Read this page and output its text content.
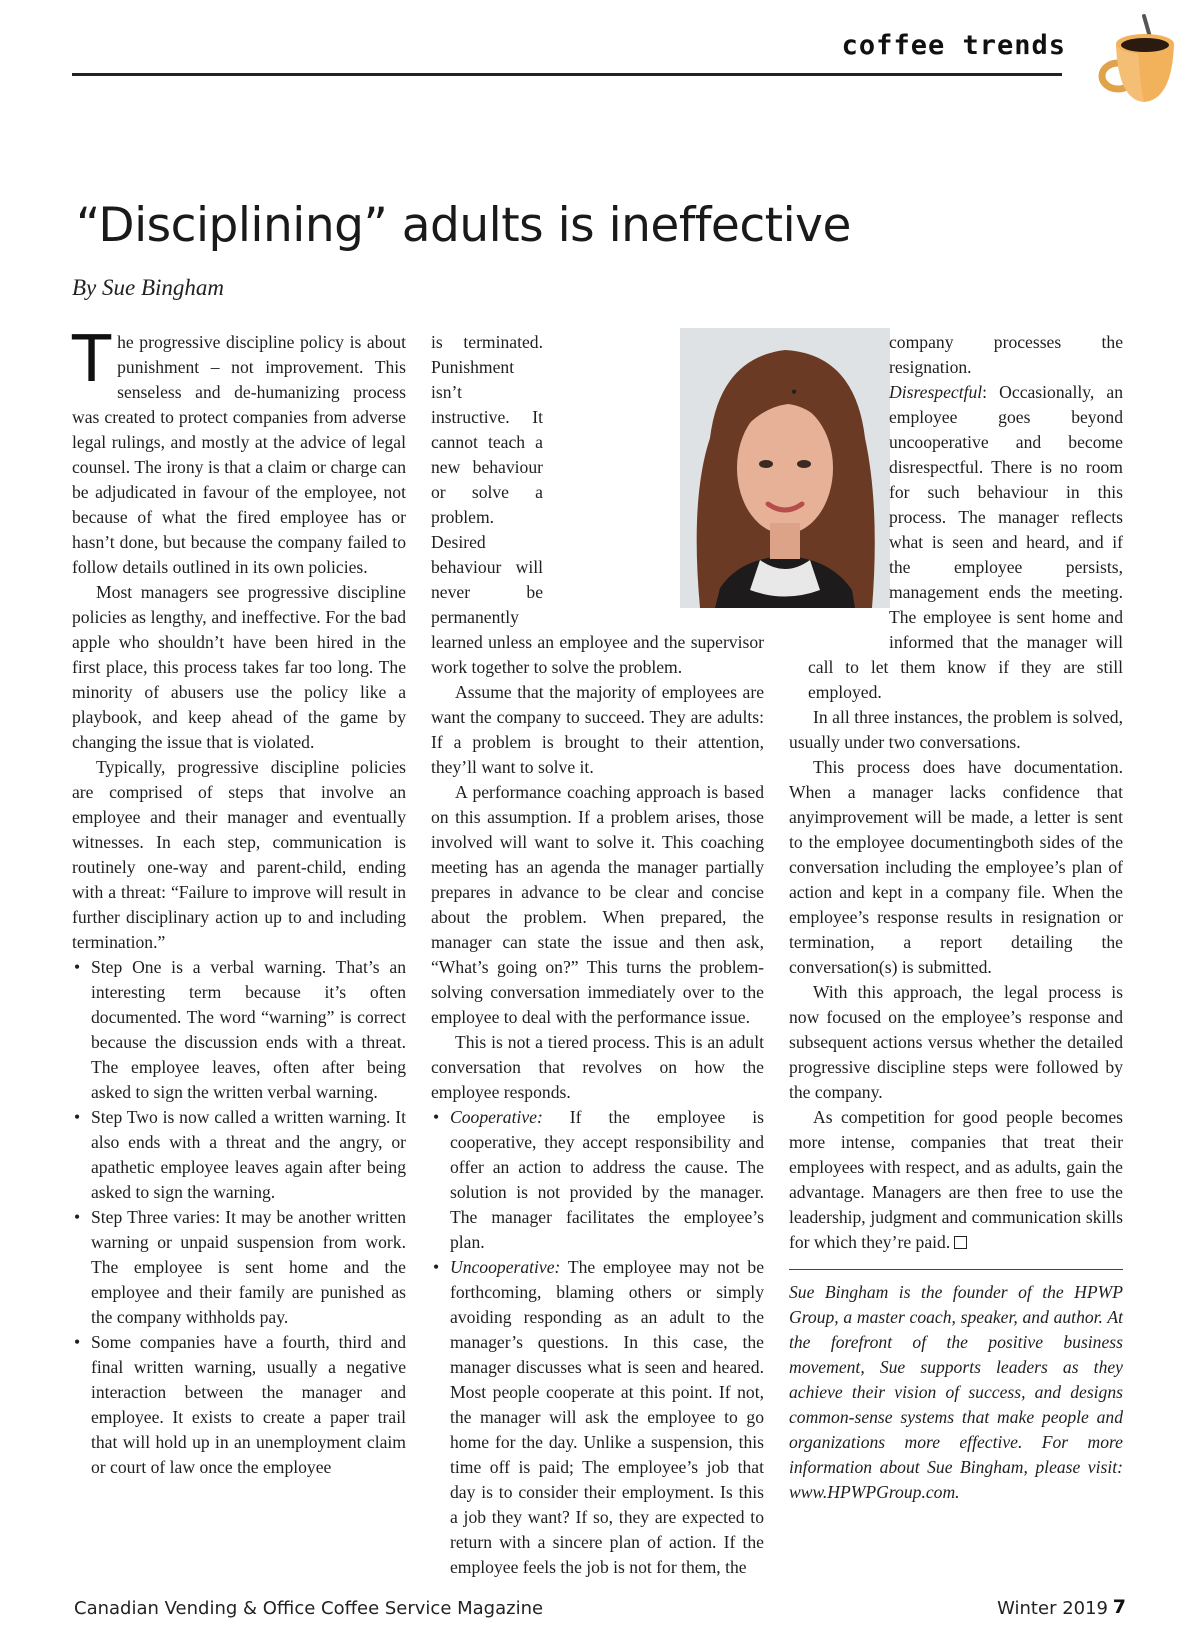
coffee trends
“Disciplining” adults is ineffective
By Sue Bingham

The progressive discipline policy is about punishment – not improvement. This senseless and de-humanizing process was created to protect companies from adverse legal rulings, and mostly at the advice of legal counsel. The irony is that a claim or charge can be adjudicated in favour of the employee, not because of what the fired employee has or hasn’t done, but because the company failed to follow details outlined in its own policies.

Most managers see progressive discipline policies as lengthy, and ineffective. For the bad apple who shouldn’t have been hired in the first place, this process takes far too long. The minority of abusers use the policy like a playbook, and keep ahead of the game by changing the issue that is violated.

Typically, progressive discipline policies are comprised of steps that involve an employee and their manager and eventually witnesses. In each step, communication is routinely one-way and parent-child, ending with a threat: “Failure to improve will result in further disciplinary action up to and including termination.”

• Step One is a verbal warning. That’s an interesting term because it’s often documented. The word “warning” is correct because the discussion ends with a threat. The employee leaves, often after being asked to sign the written verbal warning.
• Step Two is now called a written warning. It also ends with a threat and the angry, or apathetic employee leaves again after being asked to sign the warning.
• Step Three varies: It may be another written warning or unpaid suspension from work. The employee is sent home and the employee and their family are punished as the company withholds pay.
• Some companies have a fourth, third and final written warning, usually a negative interaction between the manager and employee. It exists to create a paper trail that will hold up in an unemployment claim or court of law once the employee

is terminated. Punishment isn’t instructive. It cannot teach a new behaviour or solve a problem. Desired behaviour will never be permanently learned unless an employee and the supervisor work together to solve the problem.

Assume that the majority of employees are want the company to succeed. They are adults: If a problem is brought to their attention, they’ll want to solve it.

A performance coaching approach is based on this assumption. If a problem arises, those involved will want to solve it. This coaching meeting has an agenda the manager partially prepares in advance to be clear and concise about the problem. When prepared, the manager can state the issue and then ask, “What’s going on?” This turns the problem-solving conversation immediately over to the employee to deal with the performance issue.

This is not a tiered process. This is an adult conversation that revolves on how the employee responds.

• Cooperative: If the employee is cooperative, they accept responsibility and offer an action to address the cause. The solution is not provided by the manager. The manager facilitates the employee’s plan.
• Uncooperative: The employee may not be forthcoming, blaming others or simply avoiding responding as an adult to the manager’s questions. In this case, the manager discusses what is seen and heared. Most people cooperate at this point. If not, the manager will ask the employee to go home for the day. Unlike a suspension, this time off is paid; The employee’s job that day is to consider their employment. Is this a job they want? If so, they are expected to return with a sincere plan of action. If the employee feels the job is not for them, the

company processes the resignation.

• Disrespectful: Occasionally, an employee goes beyond uncooperative and become disrespectful. There is no room for such behaviour in this process. The manager reflects what is seen and heard, and if the employee persists, management ends the meeting. The employee is sent home and informed that the manager will call to let them know if they are still employed.

In all three instances, the problem is solved, usually under two conversations.

This process does have documentation. When a manager lacks confidence that anyimprovement will be made, a letter is sent to the employee documentingboth sides of the conversation including the employee’s plan of action and kept in a company file. When the employee’s response results in resignation or termination, a report detailing the conversation(s) is submitted.

With this approach, the legal process is now focused on the employee’s response and subsequent actions versus whether the detailed progressive discipline steps were followed by the company.

As competition for good people becomes more intense, companies that treat their employees with respect, and as adults, gain the advantage. Managers are then free to use the leadership, judgment and communication skills for which they’re paid.

Sue Bingham is the founder of the HPWP Group, a master coach, speaker, and author. At the forefront of the positive business movement, Sue supports leaders as they achieve their vision of success, and designs common-sense systems that make people and organizations more effective. For more information about Sue Bingham, please visit: www.HPWPGroup.com.

Canadian Vending & Office Coffee Service Magazine	Winter 2019 7
